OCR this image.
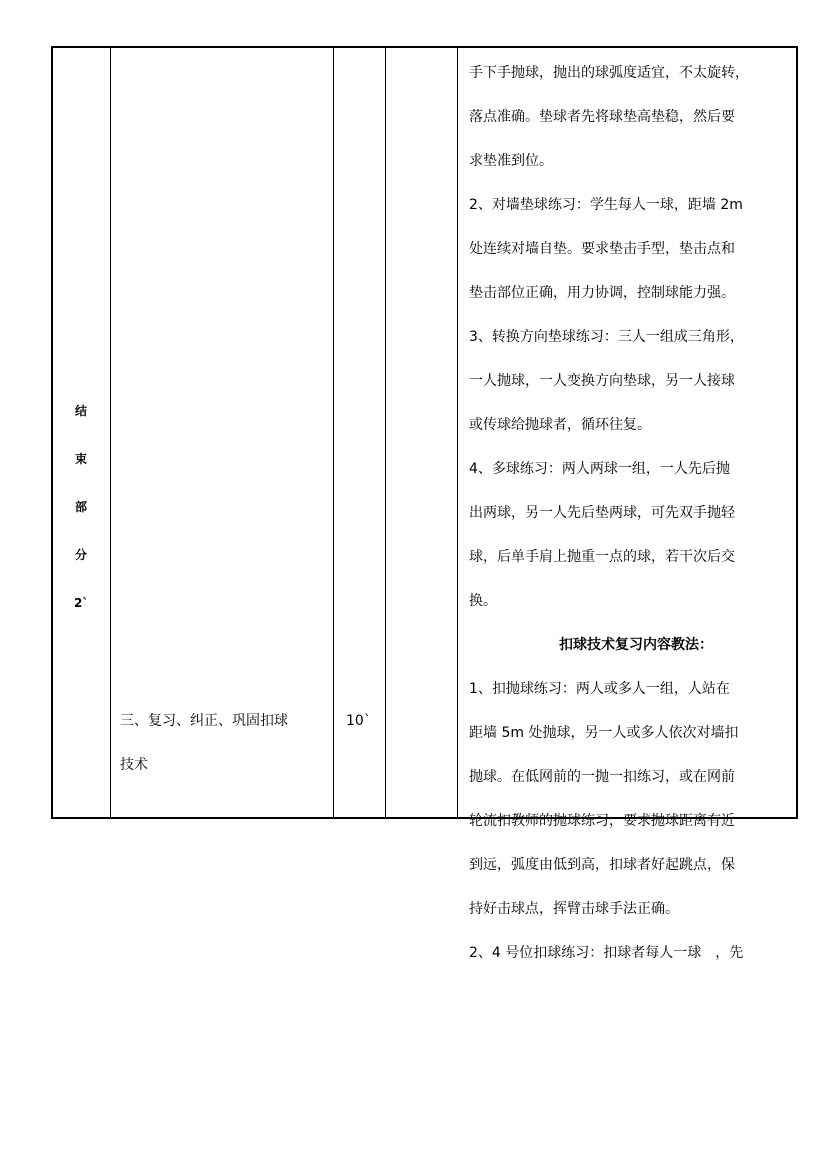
结
束
部
分
2`
三、复习、纠正、巩固扣球
技术
10`
手下手抛球，抛出的球弧度适宜，不太旋转，
落点准确。垫球者先将球垫高垫稳，然后要
求垫准到位。
2、对墙垫球练习：学生每人一球，距墙 2m
处连续对墙自垫。要求垫击手型，垫击点和
垫击部位正确，用力协调，控制球能力强。
3、转换方向垫球练习：三人一组成三角形，
一人抛球，一人变换方向垫球，另一人接球
或传球给抛球者，循环往复。
4、多球练习：两人两球一组，一人先后抛
出两球，另一人先后垫两球，可先双手抛轻
球，后单手肩上抛重一点的球，若干次后交
换。
扣球技术复习内容教法：
1、扣抛球练习：两人或多人一组，人站在
距墙 5m 处抛球，另一人或多人依次对墙扣
抛球。在低网前的一抛一扣练习，或在网前
轮流扣教师的抛球练习，要求抛球距离有近
到远，弧度由低到高，扣球者好起跳点，保
持好击球点，挥臂击球手法正确。
2、4 号位扣球练习：扣球者每人一球　，先
